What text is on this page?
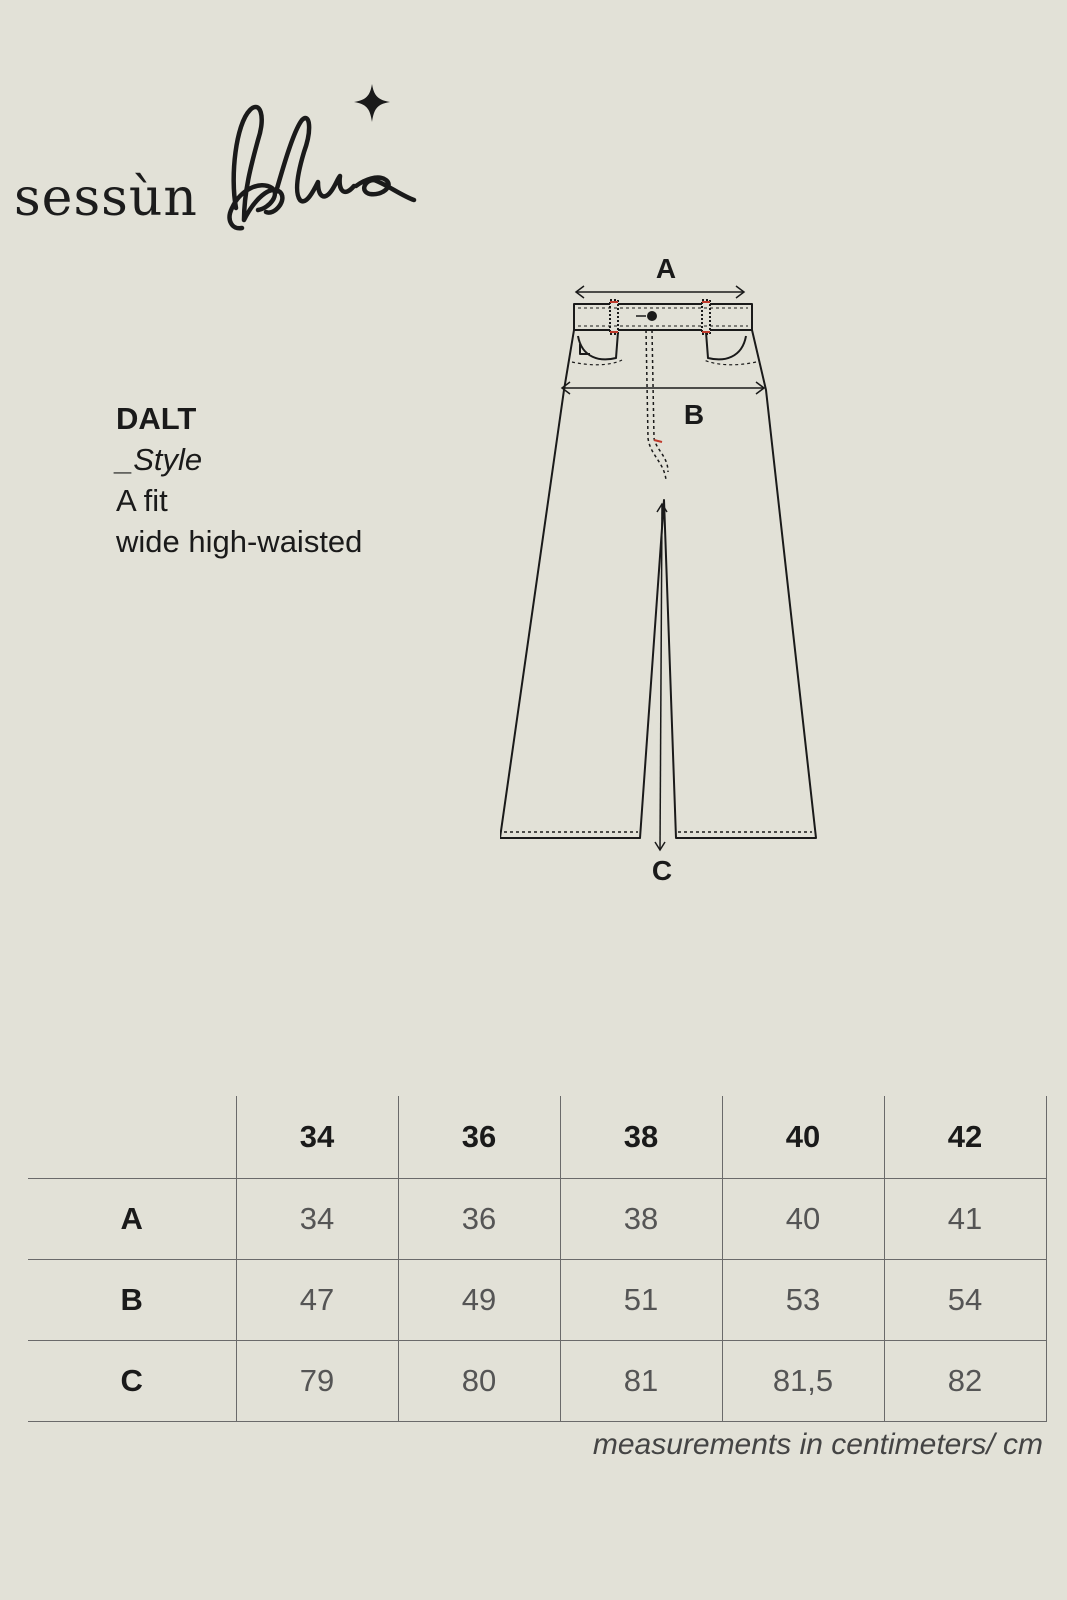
sessùn
DALT
_Style
A fit
wide high-waisted
A
B
C
	34	36	38	40	42
A	34	36	38	40	41
B	47	49	51	53	54
C	79	80	81	81,5	82
measurements in centimeters/ cm
